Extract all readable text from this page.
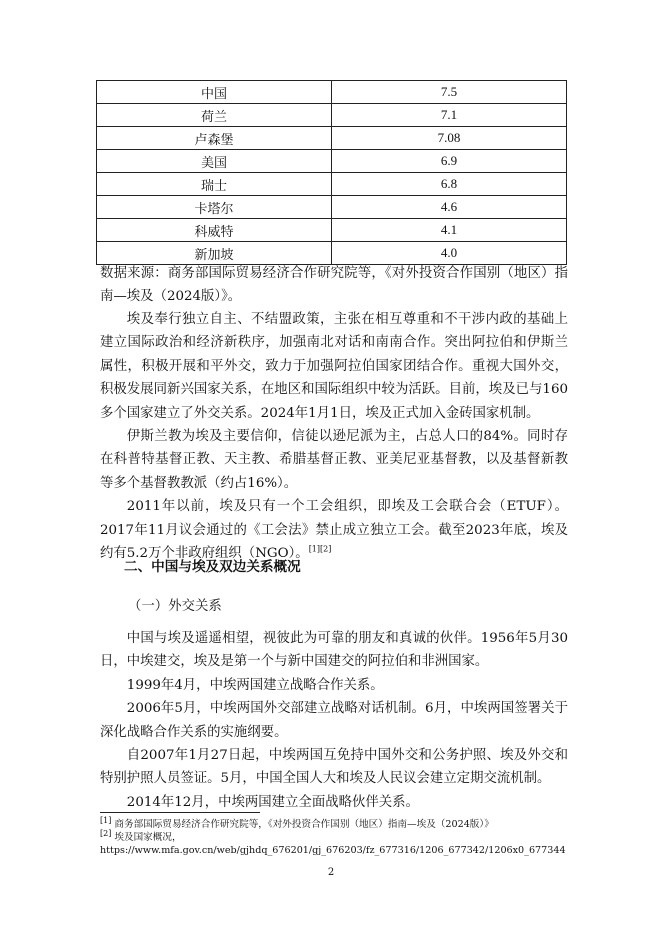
中国	7.5
荷兰	7.1
卢森堡	7.08
美国	6.9
瑞士	6.8
卡塔尔	4.6
科威特	4.1
新加坡	4.0

数据来源：商务部国际贸易经济合作研究院等，《对外投资合作国别（地区）指南—埃及（2024版）》。

埃及奉行独立自主、不结盟政策，主张在相互尊重和不干涉内政的基础上建立国际政治和经济新秩序，加强南北对话和南南合作。突出阿拉伯和伊斯兰属性，积极开展和平外交，致力于加强阿拉伯国家团结合作。重视大国外交，积极发展同新兴国家关系，在地区和国际组织中较为活跃。目前，埃及已与160多个国家建立了外交关系。2024年1月1日，埃及正式加入金砖国家机制。

伊斯兰教为埃及主要信仰，信徒以逊尼派为主，占总人口的84%。同时存在科普特基督正教、天主教、希腊基督正教、亚美尼亚基督教，以及基督新教等多个基督教教派（约占16%）。

2011年以前，埃及只有一个工会组织，即埃及工会联合会（ETUF）。2017年11月议会通过的《工会法》禁止成立独立工会。截至2023年底，埃及约有5.2万个非政府组织（NGO）。[1][2]

二、中国与埃及双边关系概况
（一）外交关系

中国与埃及遥遥相望，视彼此为可靠的朋友和真诚的伙伴。1956年5月30日，中埃建交，埃及是第一个与新中国建交的阿拉伯和非洲国家。

1999年4月，中埃两国建立战略合作关系。

2006年5月，中埃两国外交部建立战略对话机制。6月，中埃两国签署关于深化战略合作关系的实施纲要。

自2007年1月27日起，中埃两国互免持中国外交和公务护照、埃及外交和特别护照人员签证。5月，中国全国人大和埃及人民议会建立定期交流机制。

2014年12月，中埃两国建立全面战略伙伴关系。

[1] 商务部国际贸易经济合作研究院等，《对外投资合作国别（地区）指南—埃及（2024版）》
[2] 埃及国家概况，
https://www.mfa.gov.cn/web/gjhdq_676201/gj_676203/fz_677316/1206_677342/1206x0_677344
2
